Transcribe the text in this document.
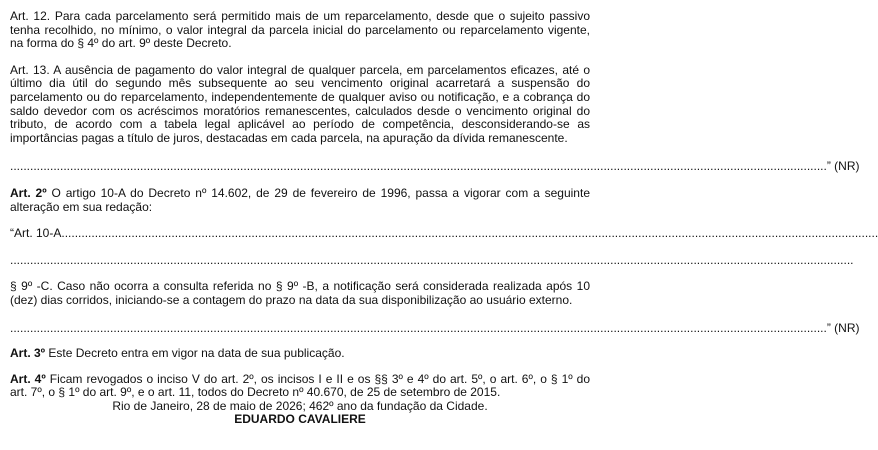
Art. 12. Para cada parcelamento será permitido mais de um reparcelamento, desde que o sujeito passivo tenha recolhido, no mínimo, o valor integral da parcela inicial do parcelamento ou reparcelamento vigente, na forma do § 4º do art. 9º deste Decreto.

Art. 13. A ausência de pagamento do valor integral de qualquer parcela, em parcelamentos eficazes, até o último dia útil do segundo mês subsequente ao seu vencimento original acarretará a suspensão do parcelamento ou do reparcelamento, independentemente de qualquer aviso ou notificação, e a cobrança do saldo devedor com os acréscimos moratórios remanescentes, calculados desde o vencimento original do tributo, de acordo com a tabela legal aplicável ao período de competência, desconsiderando-se as importâncias pagas a título de juros, destacadas em cada parcela, na apuração da dívida remanescente.

..................................................................................................................................................................................................................................................... ” (NR)

Art. 2º O artigo 10-A do Decreto nº 14.602, de 29 de fevereiro de 1996, passa a vigorar com a seguinte alteração em sua redação:

“Art. 10-A .....................................................................................................................................................................................................................................................
.............................................................................................................................................................................................................................................................

§ 9º -C. Caso não ocorra a consulta referida no § 9º -B, a notificação será considerada realizada após 10 (dez) dias corridos, iniciando-se a contagem do prazo na data da sua disponibilização ao usuário externo.

..................................................................................................................................................................................................................................................... ” (NR)

Art. 3º Este Decreto entra em vigor na data de sua publicação.

Art. 4º Ficam revogados o inciso V do art. 2º, os incisos I e II e os §§ 3º e 4º do art. 5º, o art. 6º, o § 1º do art. 7º, o § 1º do art. 9º, e o art. 11, todos do Decreto nº 40.670, de 25 de setembro de 2015.

Rio de Janeiro, 28 de maio de 2026; 462º ano da fundação da Cidade.

EDUARDO CAVALIERE
